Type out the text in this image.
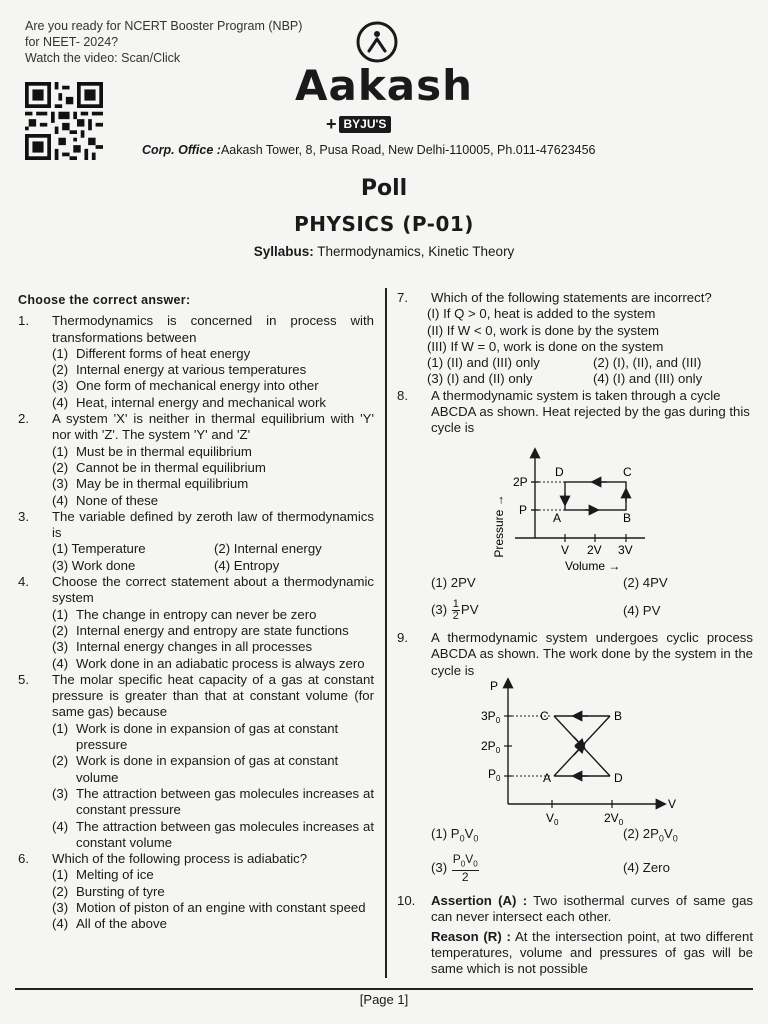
Are you ready for NCERT Booster Program (NBP)
for NEET- 2024?
Watch the video: Scan/Click
Aakash
+ BYJU'S
Corp. Office :Aakash Tower, 8, Pusa Road, New Delhi-110005, Ph.011-47623456
Poll
PHYSICS (P-01)
Syllabus: Thermodynamics, Kinetic Theory

Choose the correct answer:

1. Thermodynamics is concerned in process with transformations between

(1) Different forms of heat energy

(2) Internal energy at various temperatures

(3) One form of mechanical energy into other

(4) Heat, internal energy and mechanical work

2. A system 'X' is neither in thermal equilibrium with 'Y' nor with 'Z'. The system 'Y' and 'Z'

(1) Must be in thermal equilibrium

(2) Cannot be in thermal equilibrium

(3) May be in thermal equilibrium

(4) None of these

3. The variable defined by zeroth law of thermodynamics is

(1) Temperature	(2) Internal energy
(3) Work done	(4) Entropy

4. Choose the correct statement about a thermodynamic system

(1) The change in entropy can never be zero

(2) Internal energy and entropy are state functions

(3) Internal energy changes in all processes

(4) Work done in an adiabatic process is always zero

5. The molar specific heat capacity of a gas at constant pressure is greater than that at constant volume (for same gas) because

(1) Work is done in expansion of gas at constant pressure

(2) Work is done in expansion of gas at constant volume

(3) The attraction between gas molecules increases at constant pressure

(4) The attraction between gas molecules increases at constant volume

6. Which of the following process is adiabatic?

(1) Melting of ice

(2) Bursting of tyre

(3) Motion of piston of an engine with constant speed

(4) All of the above

7. Which of the following statements are incorrect?

(I) If Q > 0, heat is added to the system

(II) If W < 0, work is done by the system

(III) If W = 0, work is done on the system

(1) (II) and (III) only	(2) (I), (II), and (III)
(3) (I) and (II) only	(4) (I) and (III) only

8. A thermodynamic system is taken through a cycle ABCDA as shown. Heat rejected by the gas during this cycle is

Pressure →
2P
P
A	B
C
D
V 2V 3V
Volume →
(1) 2PV	(2) 4PV
$(3) \frac{1}{2}$ PV	(4) PV

9. A thermodynamic system undergoes cyclic process ABCDA as shown. The work done by the system in the cycle is

P
V
$3P_0$
$2P_0$
$P_0$
$V_0$	$2V_0$
A
B
C
D
(1) $P_0V_0$	(2) $2P_0V_0$
$(3) \frac{P_0V_0}{2}$	(4) Zero

10. Assertion (A) : Two isothermal curves of same gas can never intersect each other.

Reason (R) : At the intersection point, at two different temperatures, volume and pressures of gas will be same which is not possible

[Page 1]
